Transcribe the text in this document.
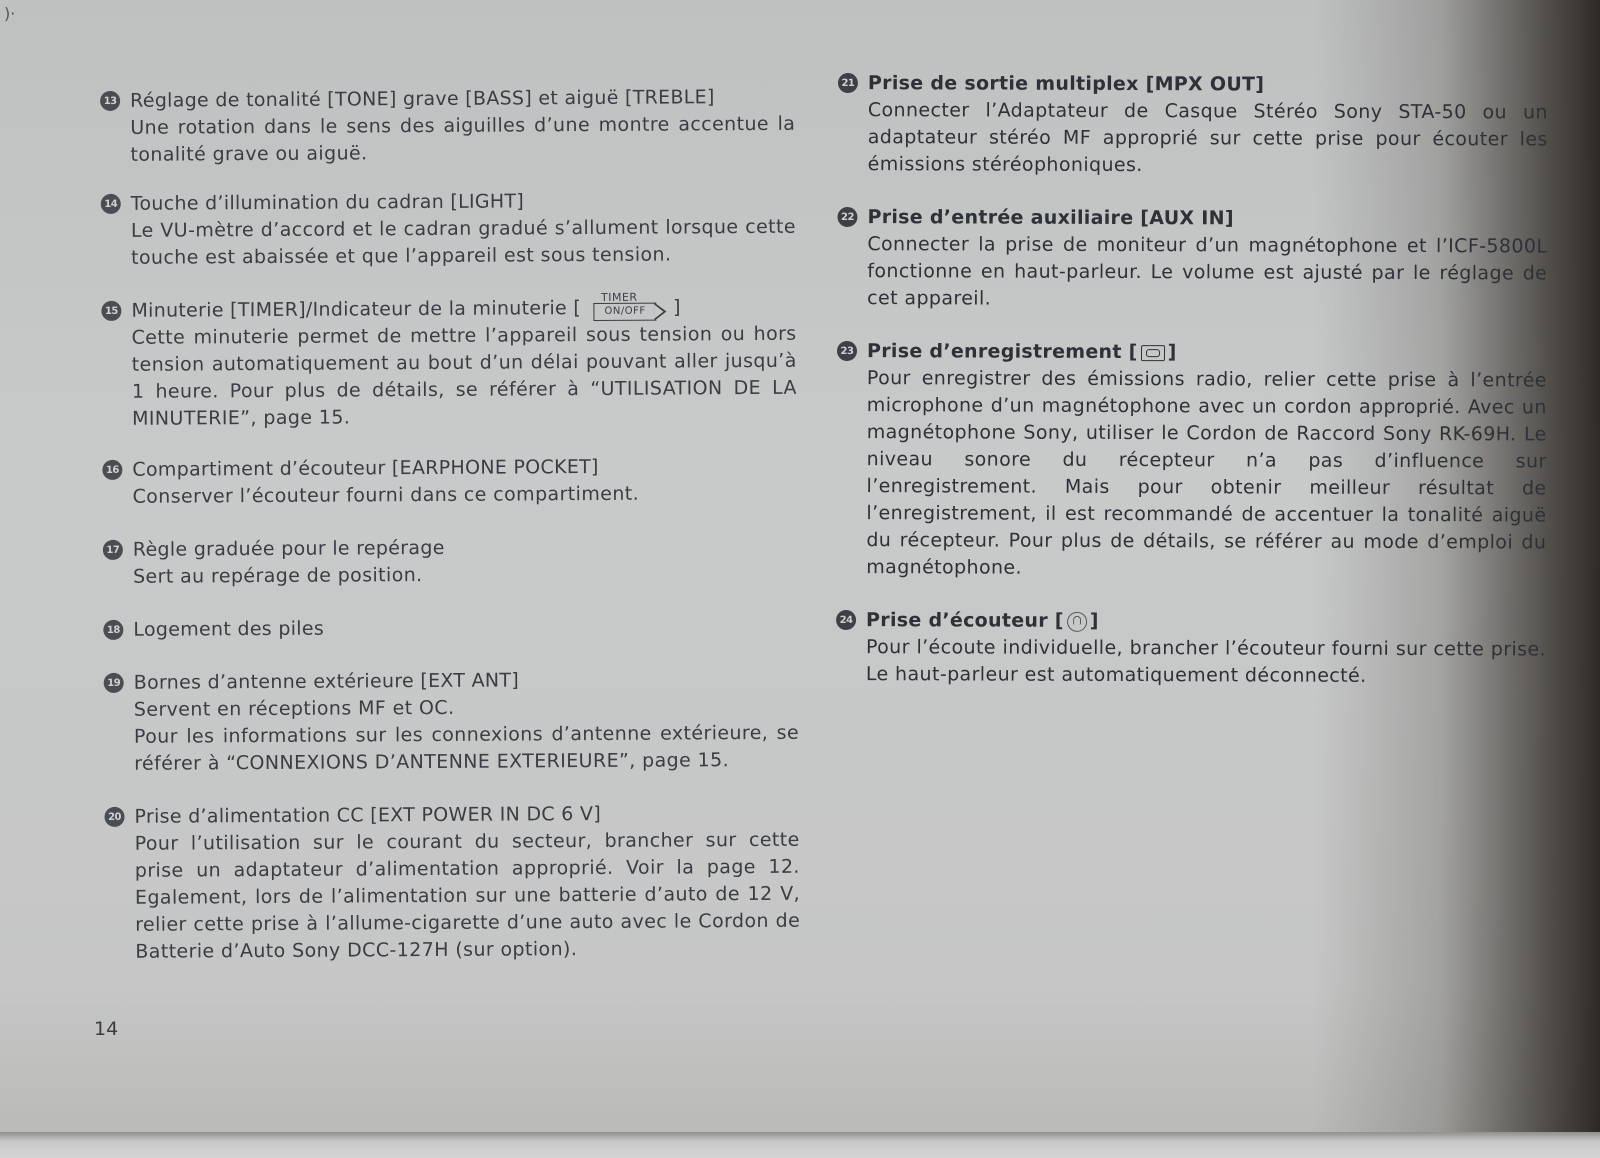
)·
13 Réglage de tonalité [TONE] grave [BASS] et aiguë [TREBLE]
Une rotation dans le sens des aiguilles d’une montre accentue la tonalité grave ou aiguë.
14 Touche d’illumination du cadran [LIGHT]
Le VU-mètre d’accord et le cadran gradué s’allument lorsque cette touche est abaissée et que l’appareil est sous tension.
15 Minuterie [TIMER]/Indicateur de la minuterie [
TIMER
ON/OFF	]
Cette minuterie permet de mettre l’appareil sous tension ou hors tension automatiquement au bout d’un délai pouvant aller jusqu’à 1 heure. Pour plus de détails, se référer à “UTILISATION DE LA MINUTERIE”, page 15.
16 Compartiment d’écouteur [EARPHONE POCKET]
Conserver l’écouteur fourni dans ce compartiment.
17 Règle graduée pour le repérage
Sert au repérage de position.
18 Logement des piles
19 Bornes d’antenne extérieure [EXT ANT]
Servent en réceptions MF et OC.
Pour les informations sur les connexions d’antenne extérieure, se référer à “CONNEXIONS D’ANTENNE EXTERIEURE”, page 15.
20 Prise d’alimentation CC [EXT POWER IN DC 6 V]
Pour l’utilisation sur le courant du secteur, brancher sur cette prise un adaptateur d’alimentation approprié. Voir la page 12. Egalement, lors de l’alimentation sur une batterie d’auto de 12 V, relier cette prise à l’allume-cigarette d’une auto avec le Cordon de Batterie d’Auto Sony DCC-127H (sur option).
21 Prise de sortie multiplex [MPX OUT]
Connecter l’Adaptateur de Casque Stéréo Sony STA-50 ou un adaptateur stéréo MF approprié sur cette prise pour écouter les émissions stéréophoniques.
22 Prise d’entrée auxiliaire [AUX IN]
Connecter la prise de moniteur d’un magnétophone et l’ICF-5800L fonctionne en haut-parleur. Le volume est ajusté par le réglage de cet appareil.
23 Prise d’enregistrement [ ]
Pour enregistrer des émissions radio, relier cette prise à l’entrée microphone d’un magnétophone avec un cordon approprié. Avec un magnétophone Sony, utiliser le Cordon de Raccord Sony RK-69H. Le niveau sonore du récepteur n’a pas d’influence sur l’enregistrement. Mais pour obtenir meilleur résultat de l’enregistrement, il est recommandé de accentuer la tonalité aiguë du récepteur. Pour plus de détails, se référer au mode d’emploi du magnétophone.
24 Prise d’écouteur [ ]
Pour l’écoute individuelle, brancher l’écouteur fourni sur cette prise. Le haut-parleur est automatiquement déconnecté.
14
